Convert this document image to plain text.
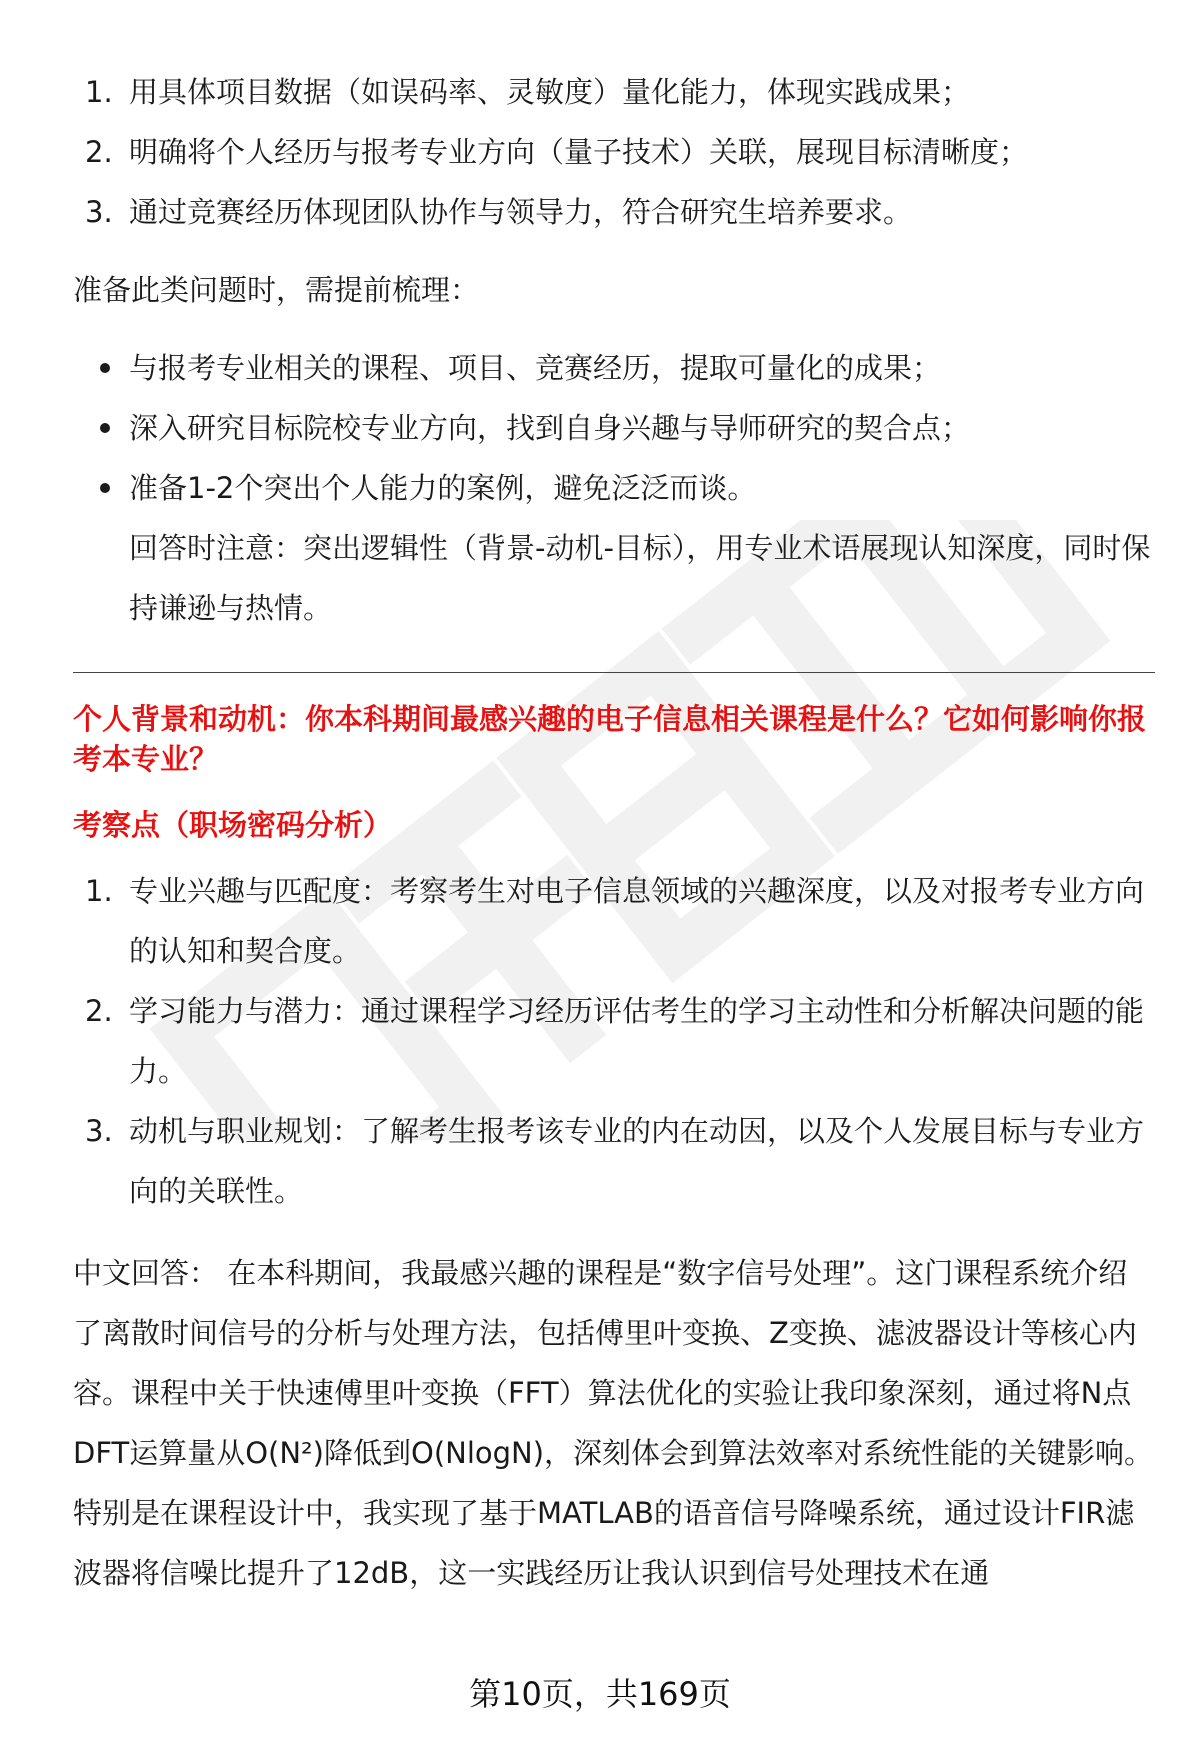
1. 用具体项目数据（如误码率、灵敏度）量化能力，体现实践成果；
2. 明确将个人经历与报考专业方向（量子技术）关联，展现目标清晰度；
3. 通过竞赛经历体现团队协作与领导力，符合研究生培养要求。

准备此类问题时，需提前梳理：

与报考专业相关的课程、项目、竞赛经历，提取可量化的成果；
深入研究目标院校专业方向，找到自身兴趣与导师研究的契合点；
准备1-2个突出个人能力的案例，避免泛泛而谈。
回答时注意：突出逻辑性（背景-动机-目标），用专业术语展现认知深度，同时保持谦逊与热情。
个人背景和动机：你本科期间最感兴趣的电子信息相关课程是什么？它如何影响你报考本专业？
考察点（职场密码分析）
1. 专业兴趣与匹配度：考察考生对电子信息领域的兴趣深度，以及对报考专业方向的认知和契合度。
2. 学习能力与潜力：通过课程学习经历评估考生的学习主动性和分析解决问题的能力。
3. 动机与职业规划：了解考生报考该专业的内在动因，以及个人发展目标与专业方向的关联性。

中文回答： 在本科期间，我最感兴趣的课程是“数字信号处理”。这门课程系统介绍了离散时间信号的分析与处理方法，包括傅里叶变换、Z变换、滤波器设计等核心内容。课程中关于快速傅里叶变换（FFT）算法优化的实验让我印象深刻，通过将N点DFT运算量从O(N²)降低到O(NlogN)，深刻体会到算法效率对系统性能的关键影响。特别是在课程设计中，我实现了基于MATLAB的语音信号降噪系统，通过设计FIR滤波器将信噪比提升了12dB，这一实践经历让我认识到信号处理技术在通

第10页，共169页
